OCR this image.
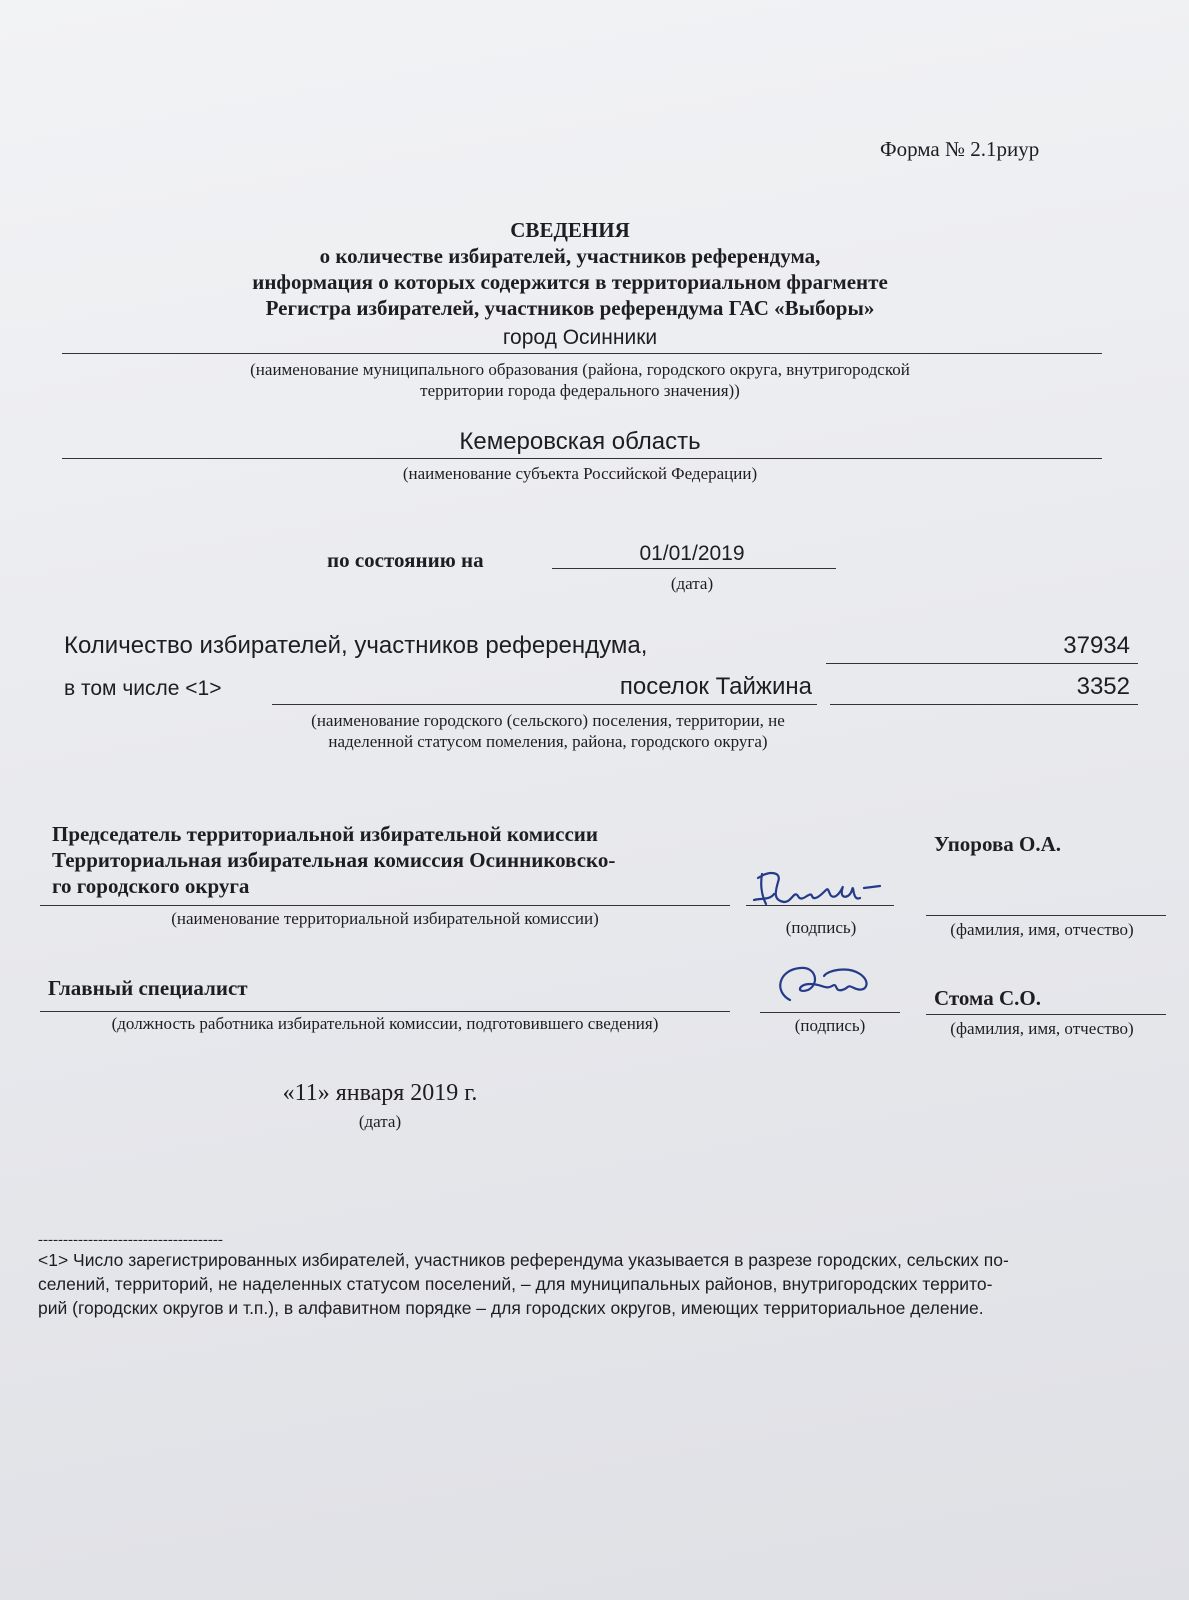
Форма № 2.1риур
СВЕДЕНИЯ
о количестве избирателей, участников референдума,
информация о которых содержится в территориальном фрагменте
Регистра избирателей, участников референдума ГАС «Выборы»
город Осинники
(наименование муниципального образования (района, городского округа, внутригородской
территории города федерального значения))
Кемеровская область
(наименование субъекта Российской Федерации)
по состоянию на	01/01/2019
(дата)
Количество избирателей, участников референдума,	37934
в том числе <1>	поселок Тайжина	3352
(наименование городского (сельского) поселения, территории, не
наделенной статусом помеления, района, городского округа)
Председатель территориальной избирательной комиссии
Территориальная избирательная комиссия Осинниковско-
го городского округа
(наименование территориальной избирательной комиссии)	(подпись)
Упорова О.А.
(фамилия, имя, отчество)
Главный специалист
(должность работника избирательной комиссии, подготовившего сведения)	(подпись)
Стома С.О.
(фамилия, имя, отчество)
«11» января 2019 г.
(дата)
-------------------------------------
<1> Число зарегистрированных избирателей, участников референдума указывается в разрезе городских, сельских по-
селений, территорий, не наделенных статусом поселений, – для муниципальных районов, внутригородских террито-
рий (городских округов и т.п.), в алфавитном порядке – для городских округов, имеющих территориальное деление.
